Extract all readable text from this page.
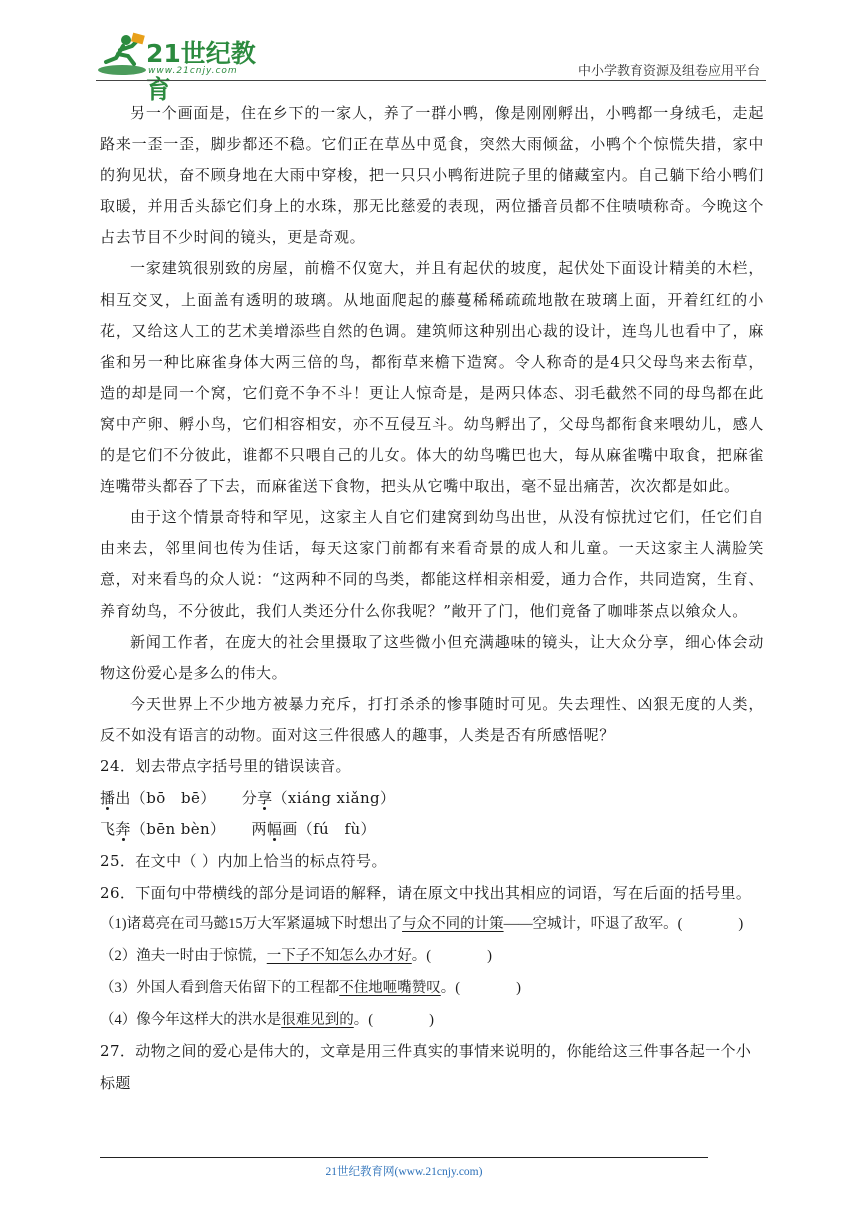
21世纪教育
www.21cnjy.com	中小学教育资源及组卷应用平台

另一个画面是，住在乡下的一家人，养了一群小鸭，像是刚刚孵出，小鸭都一身绒毛，走起路来一歪一歪，脚步都还不稳。它们正在草丛中觅食，突然大雨倾盆，小鸭个个惊慌失措，家中的狗见状，奋不顾身地在大雨中穿梭，把一只只小鸭衔进院子里的储藏室内。自己躺下给小鸭们取暖，并用舌头舔它们身上的水珠，那无比慈爱的表现，两位播音员都不住啧啧称奇。今晚这个占去节目不少时间的镜头，更是奇观。

一家建筑很别致的房屋，前檐不仅宽大，并且有起伏的坡度，起伏处下面设计精美的木栏，相互交叉，上面盖有透明的玻璃。从地面爬起的藤蔓稀稀疏疏地散在玻璃上面，开着红红的小花，又给这人工的艺术美增添些自然的色调。建筑师这种别出心裁的设计，连鸟儿也看中了，麻雀和另一种比麻雀身体大两三倍的鸟，都衔草来檐下造窝。令人称奇的是4只父母鸟来去衔草，造的却是同一个窝，它们竟不争不斗！更让人惊奇是，是两只体态、羽毛截然不同的母鸟都在此窝中产卵、孵小鸟，它们相容相安，亦不互侵互斗。幼鸟孵出了，父母鸟都衔食来喂幼儿，感人的是它们不分彼此，谁都不只喂自己的儿女。体大的幼鸟嘴巴也大，每从麻雀嘴中取食，把麻雀连嘴带头都吞了下去，而麻雀送下食物，把头从它嘴中取出，毫不显出痛苦，次次都是如此。

由于这个情景奇特和罕见，这家主人自它们建窝到幼鸟出世，从没有惊扰过它们，任它们自由来去，邻里间也传为佳话，每天这家门前都有来看奇景的成人和儿童。一天这家主人满脸笑意，对来看鸟的众人说：“这两种不同的鸟类，都能这样相亲相爱，通力合作，共同造窝，生育、养育幼鸟，不分彼此，我们人类还分什么你我呢？”敞开了门，他们竟备了咖啡茶点以飨众人。

新闻工作者，在庞大的社会里摄取了这些微小但充满趣味的镜头，让大众分享，细心体会动物这份爱心是多么的伟大。

今天世界上不少地方被暴力充斥，打打杀杀的惨事随时可见。失去理性、凶狠无度的人类，反不如没有语言的动物。面对这三件很感人的趣事，人类是否有所感悟呢？

24．划去带点字括号里的错误读音。

播出（bō　bē） 分享（xiáng xiǎng）

飞奔（bēn bèn） 两幅画（fú　fù）

25．在文中（ ）内加上恰当的标点符号。

26．下面句中带横线的部分是词语的解释，请在原文中找出其相应的词语，写在后面的括号里。

（1)诸葛亮在司马懿15万大军紧逼城下时想出了与众不同的计策——空城计，吓退了敌军。(	)

（2）渔夫一时由于惊慌，一下子不知怎么办才好。(	)

（3）外国人看到詹天佑留下的工程都不住地咂嘴赞叹。(	)

（4）像今年这样大的洪水是很难见到的。(	)

27．动物之间的爱心是伟大的，文章是用三件真实的事情来说明的，你能给这三件事各起一个小标题

21世纪教育网(www.21cnjy.com)
